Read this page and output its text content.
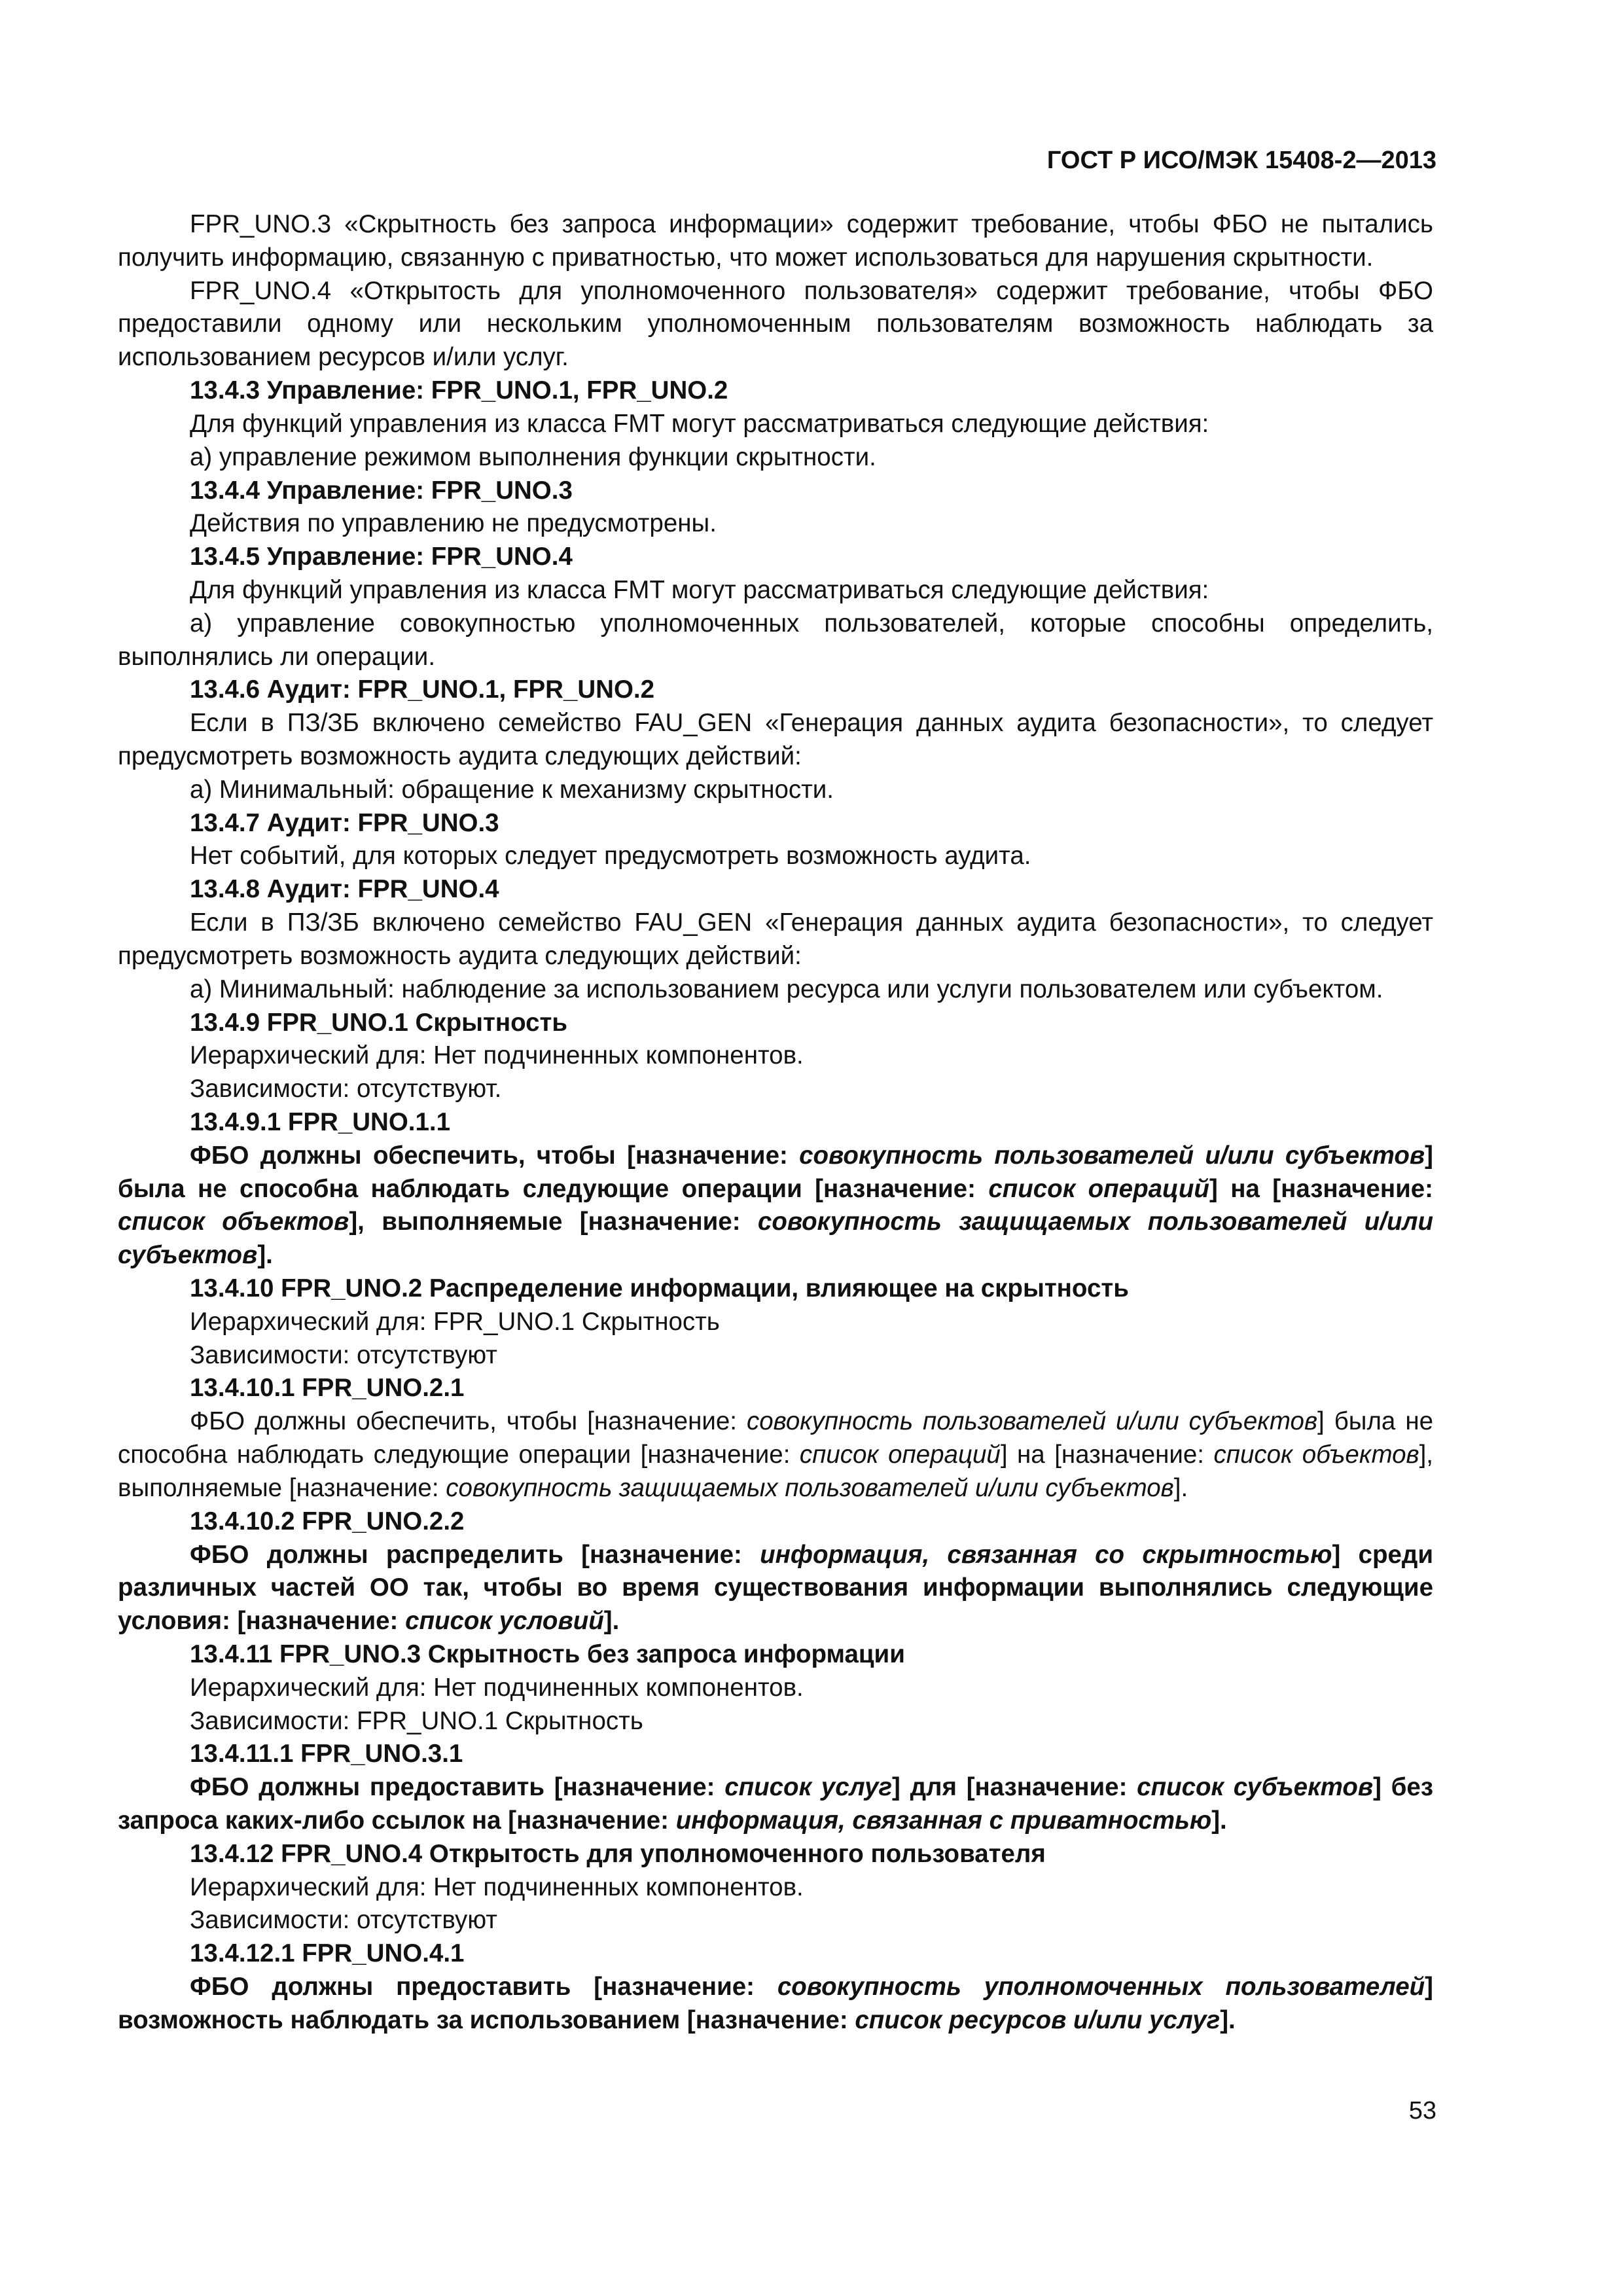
ГОСТ Р ИСО/МЭК 15408-2—2013

FPR_UNO.3 «Скрытность без запроса информации» содержит требование, чтобы ФБО не пытались получить информацию, связанную с приватностью, что может использоваться для нарушения скрытности.

FPR_UNO.4 «Открытость для уполномоченного пользователя» содержит требование, чтобы ФБО предоставили одному или нескольким уполномоченным пользователям возможность наблюдать за использованием ресурсов и/или услуг.

13.4.3 Управление: FPR_UNO.1, FPR_UNO.2

Для функций управления из класса FMT могут рассматриваться следующие действия:

а) управление режимом выполнения функции скрытности.

13.4.4 Управление: FPR_UNO.3

Действия по управлению не предусмотрены.

13.4.5 Управление: FPR_UNO.4

Для функций управления из класса FMT могут рассматриваться следующие действия:

а) управление совокупностью уполномоченных пользователей, которые способны определить, выполнялись ли операции.

13.4.6 Аудит: FPR_UNO.1, FPR_UNO.2

Если в ПЗ/ЗБ включено семейство FAU_GEN «Генерация данных аудита безопасности», то следует предусмотреть возможность аудита следующих действий:

а) Минимальный: обращение к механизму скрытности.

13.4.7 Аудит: FPR_UNO.3

Нет событий, для которых следует предусмотреть возможность аудита.

13.4.8 Аудит: FPR_UNO.4

Если в ПЗ/ЗБ включено семейство FAU_GEN «Генерация данных аудита безопасности», то следует предусмотреть возможность аудита следующих действий:

а) Минимальный: наблюдение за использованием ресурса или услуги пользователем или субъектом.

13.4.9 FPR_UNO.1 Скрытность

Иерархический для: Нет подчиненных компонентов.

Зависимости: отсутствуют.

13.4.9.1 FPR_UNO.1.1

ФБО должны обеспечить, чтобы [назначение: совокупность пользователей и/или субъектов] была не способна наблюдать следующие операции [назначение: список операций] на [назначение: список объектов], выполняемые [назначение: совокупность защищаемых пользователей и/или субъектов].

13.4.10 FPR_UNO.2 Распределение информации, влияющее на скрытность

Иерархический для: FPR_UNO.1 Скрытность

Зависимости: отсутствуют

13.4.10.1 FPR_UNO.2.1

ФБО должны обеспечить, чтобы [назначение: совокупность пользователей и/или субъектов] была не способна наблюдать следующие операции [назначение: список операций] на [назначение: список объектов], выполняемые [назначение: совокупность защищаемых пользователей и/или субъектов].

13.4.10.2 FPR_UNO.2.2

ФБО должны распределить [назначение: информация, связанная со скрытностью] среди различных частей ОО так, чтобы во время существования информации выполнялись следующие условия: [назначение: список условий].

13.4.11 FPR_UNO.3 Скрытность без запроса информации

Иерархический для: Нет подчиненных компонентов.

Зависимости: FPR_UNO.1 Скрытность

13.4.11.1 FPR_UNO.3.1

ФБО должны предоставить [назначение: список услуг] для [назначение: список субъектов] без запроса каких-либо ссылок на [назначение: информация, связанная с приватностью].

13.4.12 FPR_UNO.4 Открытость для уполномоченного пользователя

Иерархический для: Нет подчиненных компонентов.

Зависимости: отсутствуют

13.4.12.1 FPR_UNO.4.1

ФБО должны предоставить [назначение: совокупность уполномоченных пользователей] возможность наблюдать за использованием [назначение: список ресурсов и/или услуг].

53
